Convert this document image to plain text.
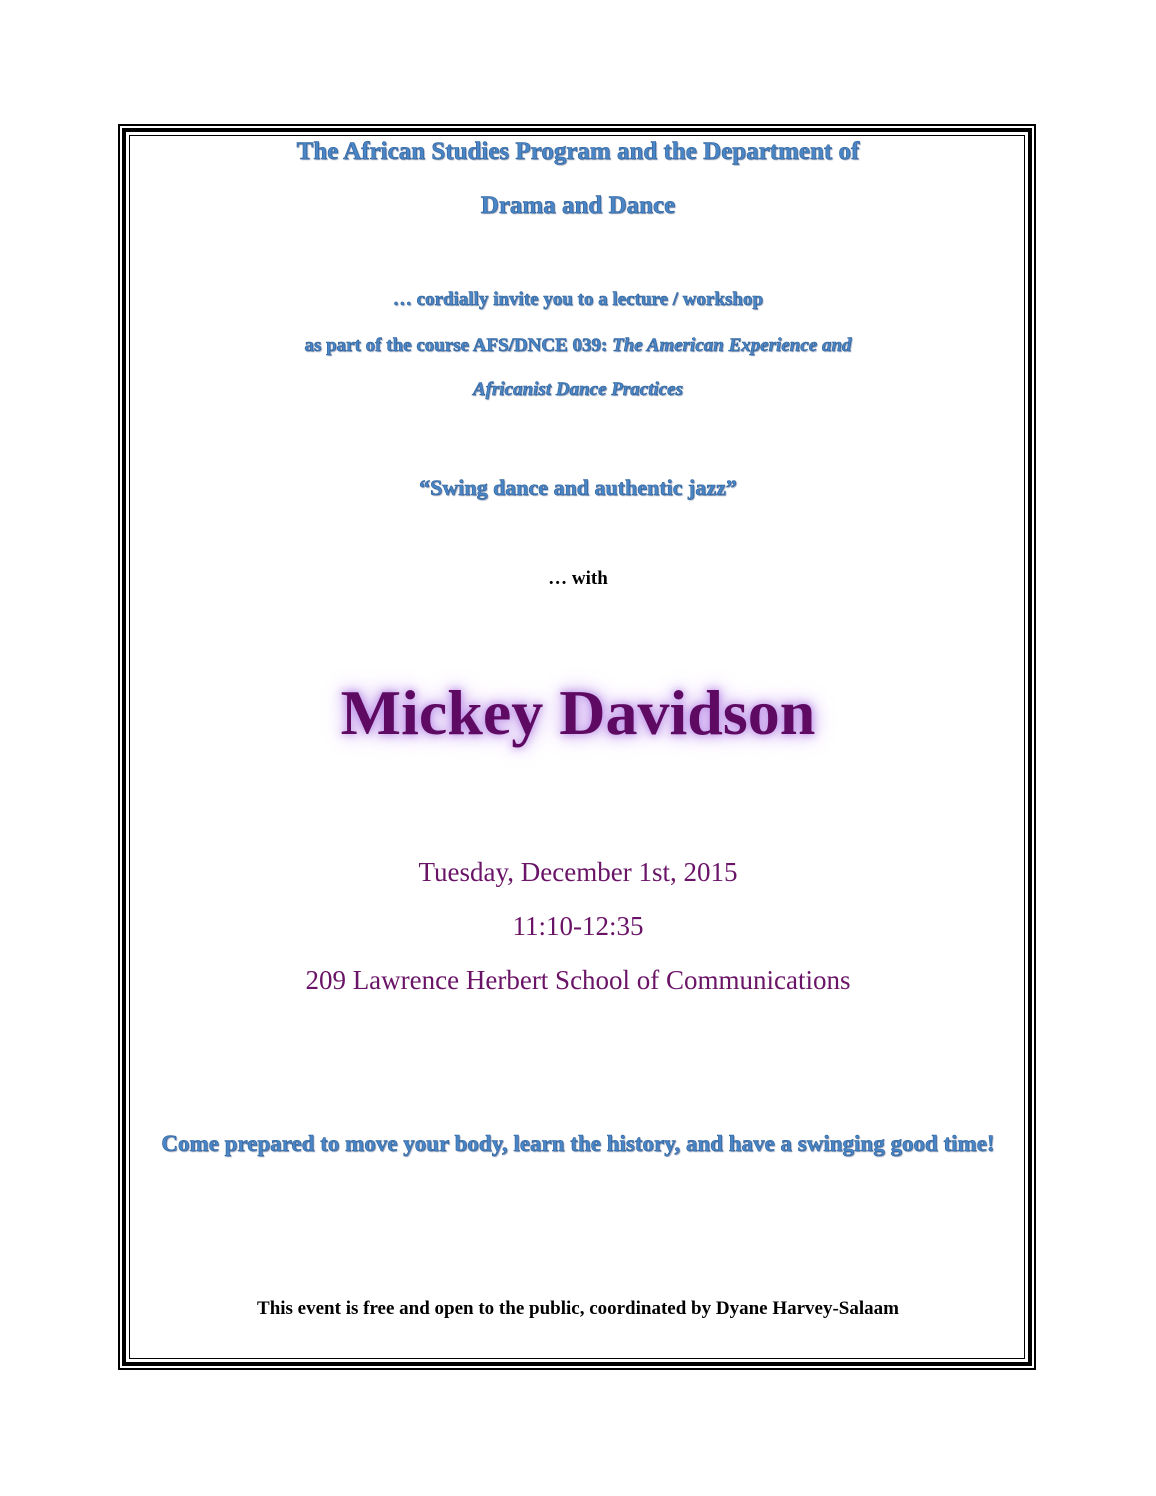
The African Studies Program and the Department of

Drama and Dance

… cordially invite you to a lecture / workshop

as part of the course AFS/DNCE 039: The American Experience and

Africanist Dance Practices

“Swing dance and authentic jazz”

… with

Mickey Davidson

Tuesday, December 1st, 2015

11:10-12:35

209 Lawrence Herbert School of Communications

Come prepared to move your body, learn the history, and have a swinging good time!

This event is free and open to the public, coordinated by Dyane Harvey-Salaam
